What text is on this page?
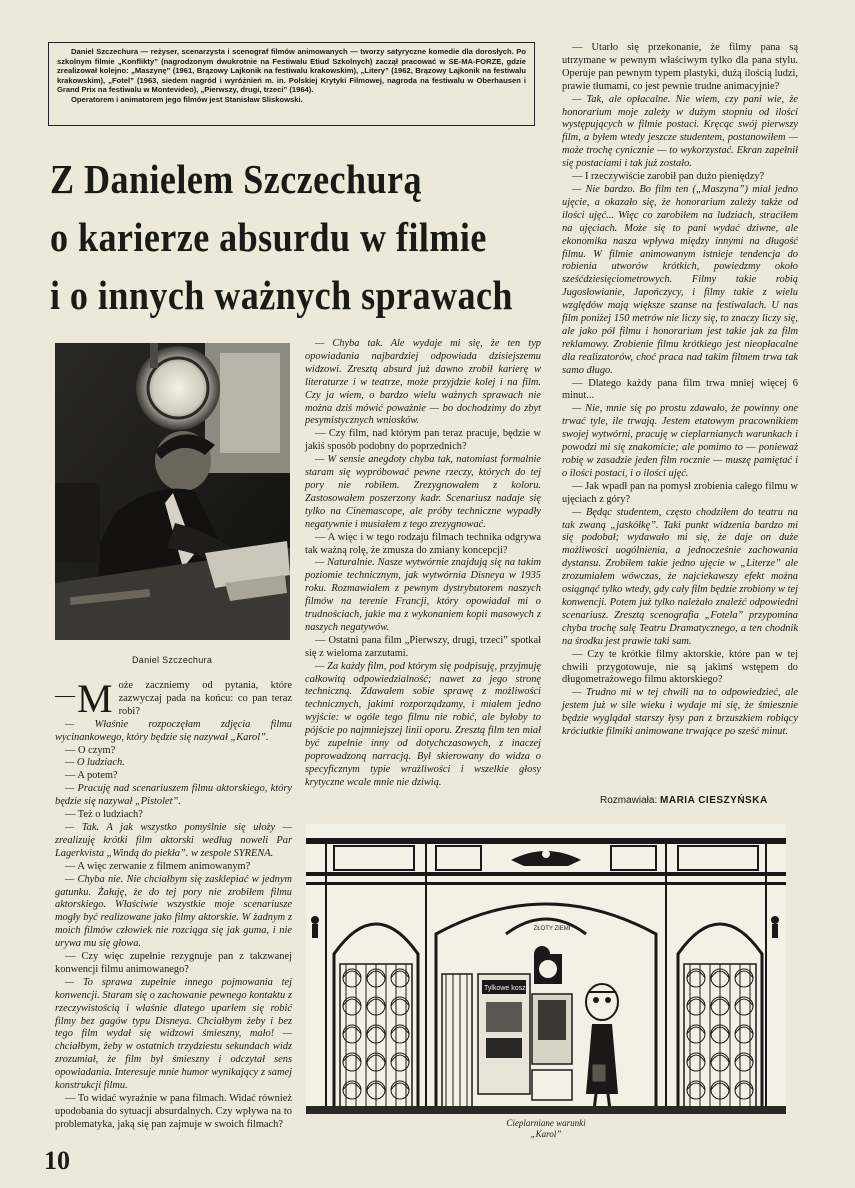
Daniel Szczechura — reżyser, scenarzysta i scenograf filmów animowanych — tworzy satyryczne komedie dla dorosłych. Po szkolnym filmie „Konflikty” (nagrodzonym dwukrotnie na Festiwalu Etiud Szkolnych) zaczął pracować w SE-MA-FORZE, gdzie zrealizował kolejno: „Maszynę” (1961, Brązowy Lajkonik na festiwalu krakowskim), „Litery” (1962, Brązowy Lajkonik na festiwalu krakowskim), „Fotel” (1963, siedem nagród i wyróżnień m. in. Polskiej Krytyki Filmowej, nagroda na festiwalu w Oberhausen i Grand Prix na festiwalu w Montevideo), „Pierwszy, drugi, trzeci” (1964).

Operatorem i animatorem jego filmów jest Stanisław Sliskowski.

Z Danielem Szczechurą
o karierze absurdu w filmie
i o innych ważnych sprawach
Daniel Szczechura
— M oże zaczniemy od pytania, które zazwyczaj pada na końcu: co pan teraz robi?

— Właśnie rozpoczęłam zdjęcia filmu wycinankowego, który będzie się nazywał „Karol”.

— O czym?

— O ludziach.

— A potem?

— Pracuję nad scenariuszem filmu aktorskiego, który będzie się nazywał „Pistolet”.

— Też o ludziach?

— Tak. A jak wszystko pomyślnie się ułoży — zrealizuję krótki film aktorski według noweli Par Lagerkvista „Windą do piekła”. w zespole SYRENA.

— A więc zerwanie z filmem animowanym?

— Chyba nie. Nie chciałbym się zasklepiać w jednym gatunku. Żałuję, że do tej pory nie zrobiłem filmu aktorskiego. Właściwie wszystkie moje scenariusze mogły być realizowane jako filmy aktorskie. W żadnym z moich filmów człowiek nie rozciąga się jak guma, i nie urywa mu się głowa.

— Czy więc zupełnie rezygnuje pan z takzwanej konwencji filmu animowanego?

— To sprawa zupełnie innego pojmowania tej konwencji. Staram się o zachowanie pewnego kontaktu z rzeczywistością i właśnie dlatego uparłem się robić filmy bez gagów typu Disneya. Chciałbym żeby i bez tego film wydał się widzowi śmieszny, mało! — chciałbym, żeby w ostatnich trzydziestu sekundach widz zrozumiał, że film był śmieszny i odczytał sens opowiadania. Interesuje mnie humor wynikający z samej konstrukcji filmu.

— To widać wyraźnie w pana filmach. Widać również upodobania do sytuacji absurdalnych. Czy wpływa na to problematyka, jaką się pan zajmuje w swoich filmach?

— Chyba tak. Ale wydaje mi się, że ten typ opowiadania najbardziej odpowiada dzisiejszemu widzowi. Zresztą absurd już dawno zrobił karierę w literaturze i w teatrze, może przyjdzie kolej i na film. Czy ja wiem, o bardzo wielu ważnych sprawach nie można dziś mówić poważnie — bo dochodzimy do zbyt pesymistycznych wniosków.

— Czy film, nad którym pan teraz pracuje, będzie w jakiś sposób podobny do poprzednich?

— W sensie anegdoty chyba tak, natomiast formalnie staram się wypróbować pewne rzeczy, których do tej pory nie robiłem. Zrezygnowałem z koloru. Zastosowałem poszerzony kadr. Scenariusz nadaje się tylko na Cinemascope, ale próby techniczne wypadły negatywnie i musiałem z tego zrezygnować.

— A więc i w tego rodzaju filmach technika odgrywa tak ważną rolę, że zmusza do zmiany koncepcji?

— Naturalnie. Nasze wytwórnie znajdują się na takim poziomie technicznym, jak wytwórnia Disneya w 1935 roku. Rozmawiałem z pewnym dystrybutorem naszych filmów na terenie Francji, który opowiadał mi o trudnościach, jakie ma z wykonaniem kopii masowych z naszych negatywów.

— Ostatni pana film „Pierwszy, drugi, trzeci” spotkał się z wieloma zarzutami.

— Za każdy film, pod którym się podpisuję, przyjmuję całkowitą odpowiedzialność; nawet za jego stronę techniczną. Zdawałem sobie sprawę z możliwości technicznych, jakimi rozporządzamy, i miałem jedno wyjście: w ogóle tego filmu nie robić, ale byłoby to pójście po najmniejszej linii oporu. Zresztą film ten miał być zupełnie inny od dotychczasowych, z inaczej poprowadzoną narracją. Był skierowany do widza o specyficznym typie wrażliwości i wszelkie głosy krytyczne wcale mnie nie dziwią.

— Utarło się przekonanie, że filmy pana są utrzymane w pewnym właściwym tylko dla pana stylu. Operuje pan pewnym typem plastyki, dużą ilością ludzi, prawie tłumami, co jest pewnie trudne animacyjnie?

— Tak, ale opłacalne. Nie wiem, czy pani wie, że honorarium moje zależy w dużym stopniu od ilości występujących w filmie postaci. Kręcąc swój pierwszy film, a byłem wtedy jeszcze studentem, postanowiłem — może trochę cynicznie — to wykorzystać. Ekran zapełnił się postaciami i tak już zostało.

— I rzeczywiście zarobił pan dużo pieniędzy?

— Nie bardzo. Bo film ten („Maszyna”) miał jedno ujęcie, a okazało się, że honorarium zależy także od ilości ujęć... Więc co zarobiłem na ludziach, straciłem na ujęciach. Może się to pani wydać dziwne, ale ekonomika nasza wpływa między innymi na długość filmu. W filmie animowanym istnieje tendencja do robienia utworów krótkich, powiedzmy około sześćdziesięciometrowych. Filmy takie robią Jugosłowianie, Japończycy, i filmy takie z wielu względów mają większe szanse na festiwalach. U nas film poniżej 150 metrów nie liczy się, to znaczy liczy się, ale jako pół filmu i honorarium jest takie jak za film reklamowy. Zrobienie filmu krótkiego jest nieopłacalne dla realizatorów, choć praca nad takim filmem trwa tak samo długo.

— Dlatego każdy pana film trwa mniej więcej 6 minut...

— Nie, mnie się po prostu zdawało, że powinny one trwać tyle, ile trwają. Jestem etatowym pracownikiem swojej wytwórni, pracuję w cieplarnianych warunkach i powodzi mi się znakomicie; ale pomimo to — ponieważ robię w zasadzie jeden film rocznie — muszę pamiętać i o ilości postaci, i o ilości ujęć.

— Jak wpadł pan na pomysł zrobienia całego filmu w ujęciach z góry?

— Będąc studentem, często chodziłem do teatru na tak zwaną „jaskółkę”. Taki punkt widzenia bardzo mi się podobał; wydawało mi się, że daje on duże możliwości uogólnienia, a jednocześnie zachowania dystansu. Zrobiłem takie jedno ujęcie w „Literze” ale zrozumiałem wówczas, że najciekawszy efekt można osiągnąć tylko wtedy, gdy cały film będzie zrobiony w tej konwencji. Potem już tylko należało znaleźć odpowiedni scenariusz. Zresztą scenografia „Fotela” przypomina chyba trochę salę Teatru Dramatycznego, a ten chodnik na środku jest prawie taki sam.

— Czy te krótkie filmy aktorskie, które pan w tej chwili przygotowuje, nie są jakimś wstępem do długometrażowego filmu aktorskiego?

— Trudno mi w tej chwili na to odpowiedzieć, ale jestem już w sile wieku i wydaje mi się, że śmiesznie będzie wyglądał starszy łysy pan z brzuszkiem robiący króciutkie filmiki animowane trwające po sześć minut.

Rozmawiała: MARIA CIESZYŃSKA
Tylkowe kosze
ZŁOTY ZIEMI
Cieplarniane warunki
„Karol”
10
